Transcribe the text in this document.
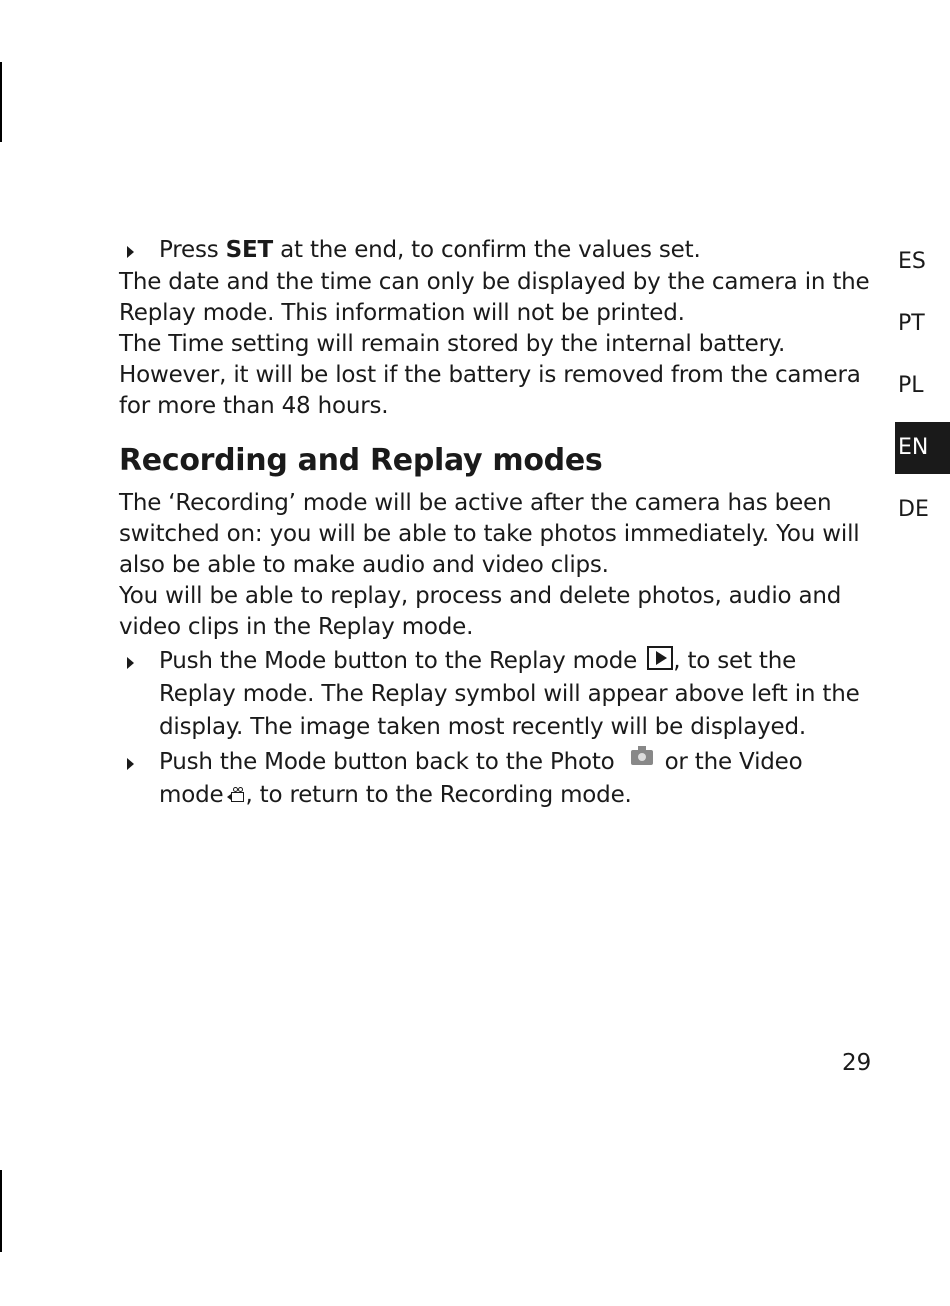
Press SET at the end, to confirm the values set.

The date and the time can only be displayed by the camera in the Replay mode. This information will not be printed.

The Time setting will remain stored by the internal battery. However, it will be lost if the battery is removed from the camera for more than 48 hours.

Recording and Replay modes

The ‘Recording’ mode will be active after the camera has been switched on: you will be able to take photos immediately. You will also be able to make audio and video clips.

You will be able to replay, process and delete photos, audio and video clips in the Replay mode.

Push the Mode button to the Replay mode , to set the Replay mode. The Replay symbol will appear above left in the display. The image taken most recently will be displayed.

Push the Mode button back to the Photo or the Video mode , to return to the Recording mode.

ES
PT
PL
EN
DE
29
